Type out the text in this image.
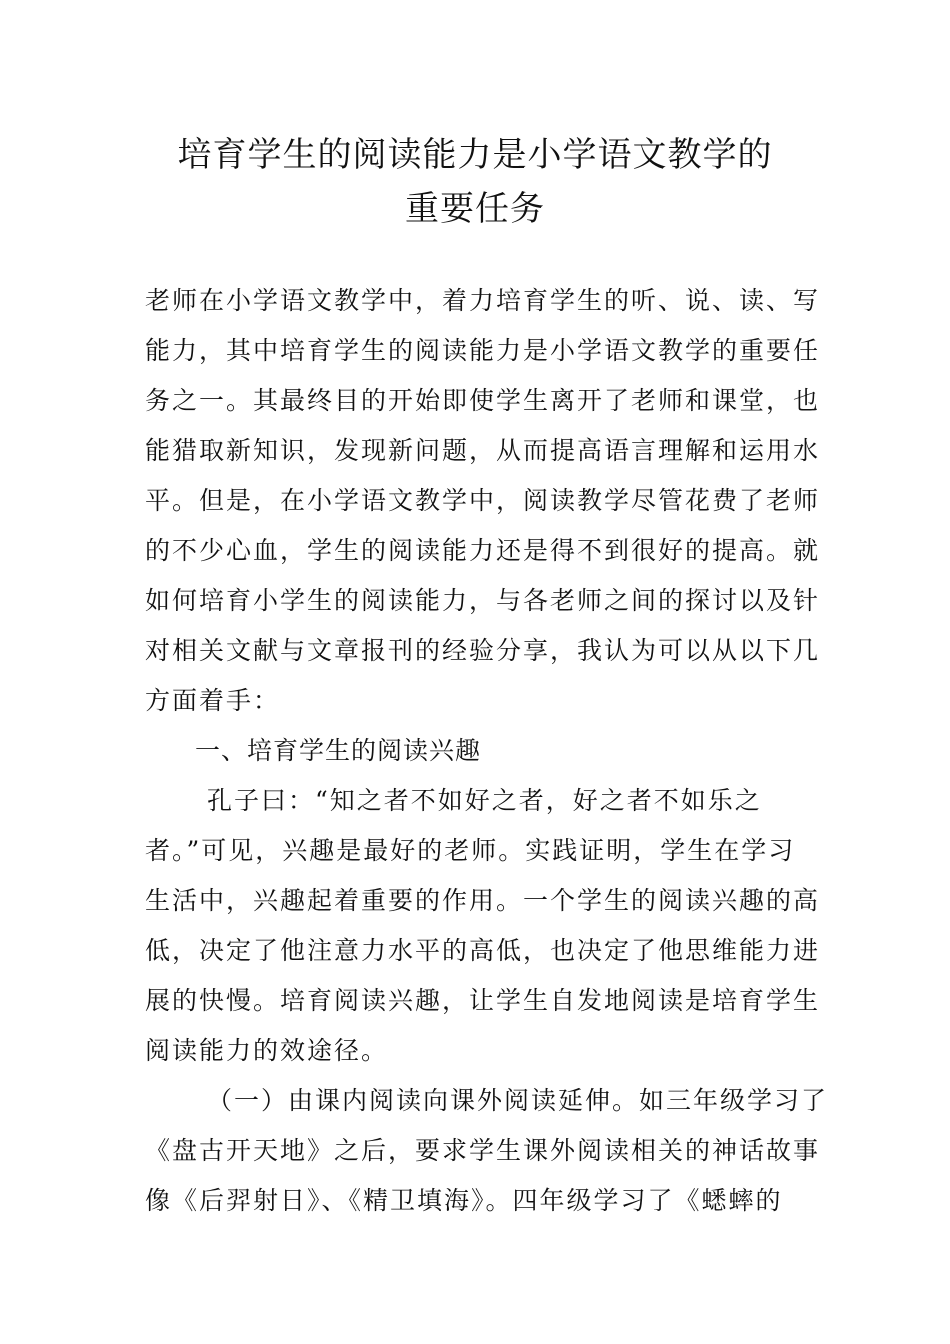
培育学生的阅读能力是小学语文教学的
重要任务
老师在小学语文教学中，着力培育学生的听、说、读、写
能力，其中培育学生的阅读能力是小学语文教学的重要任
务之一。其最终目的开始即使学生离开了老师和课堂，也
能猎取新知识，发现新问题，从而提高语言理解和运用水
平。但是，在小学语文教学中，阅读教学尽管花费了老师
的不少心血，学生的阅读能力还是得不到很好的提高。就
如何培育小学生的阅读能力，与各老师之间的探讨以及针
对相关文献与文章报刊的经验分享，我认为可以从以下几
方面着手：
一、培育学生的阅读兴趣
孔子曰：“知之者不如好之者，好之者不如乐之
者。”可见，兴趣是最好的老师。实践证明，学生在学习
生活中，兴趣起着重要的作用。一个学生的阅读兴趣的高
低，决定了他注意力水平的高低，也决定了他思维能力进
展的快慢。培育阅读兴趣，让学生自发地阅读是培育学生
阅读能力的效途径。
（一）由课内阅读向课外阅读延伸。如三年级学习了
《盘古开天地》之后，要求学生课外阅读相关的神话故事
像《后羿射日》、《精卫填海》。四年级学习了《蟋蟀的
